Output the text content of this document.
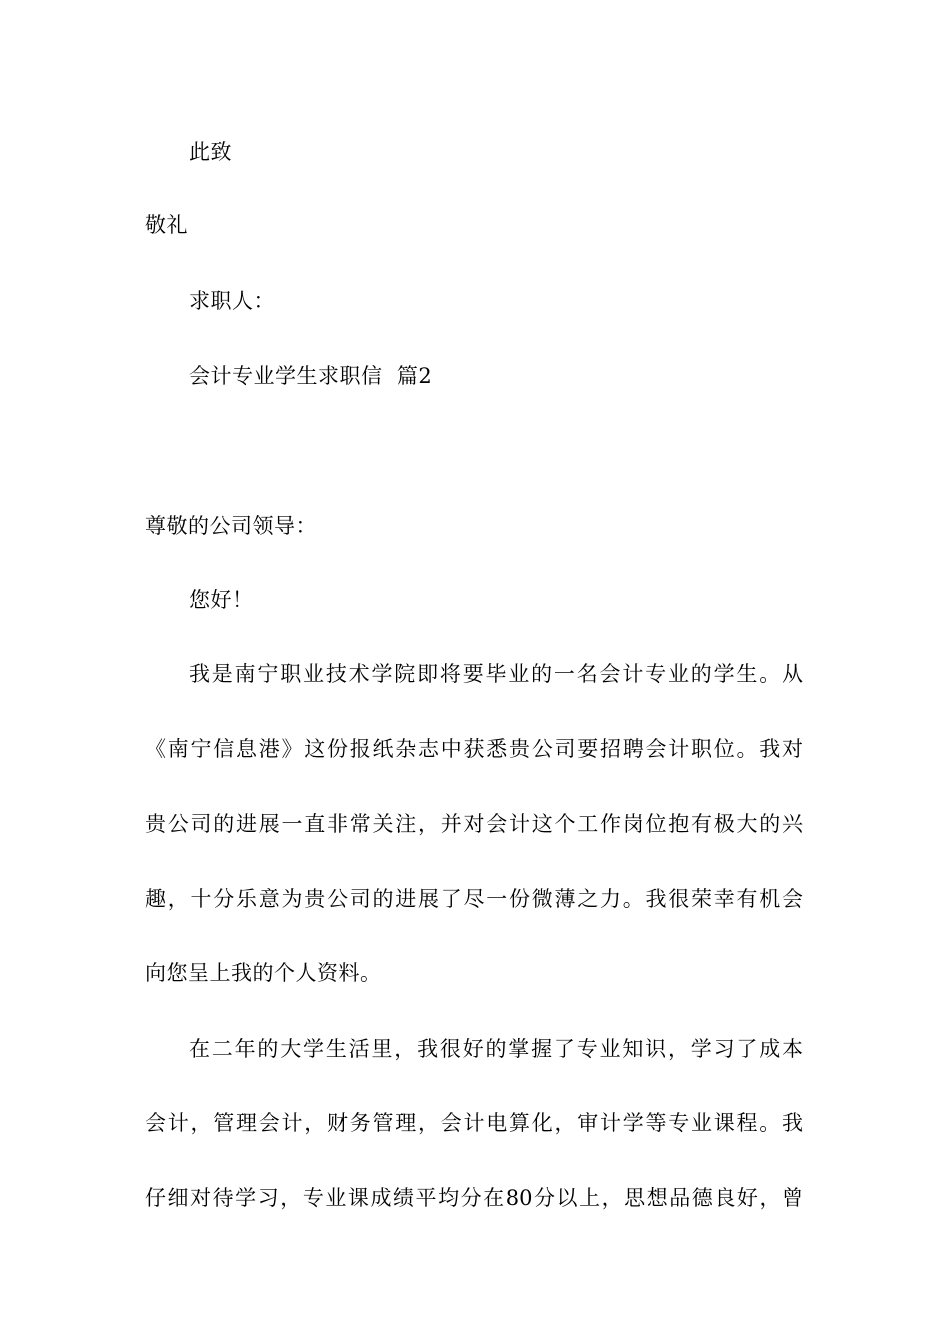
此致
敬礼
求职人：
会计专业学生求职信  篇2
尊敬的公司领导：
您好！
我是南宁职业技术学院即将要毕业的一名会计专业的学生。从
《南宁信息港》这份报纸杂志中获悉贵公司要招聘会计职位。我对
贵公司的进展一直非常关注，并对会计这个工作岗位抱有极大的兴
趣，十分乐意为贵公司的进展了尽一份微薄之力。我很荣幸有机会
向您呈上我的个人资料。
在二年的大学生活里，我很好的掌握了专业知识，学习了成本
会计，管理会计，财务管理，会计电算化，审计学等专业课程。我
仔细对待学习，专业课成绩平均分在80分以上，思想品德良好，曾
